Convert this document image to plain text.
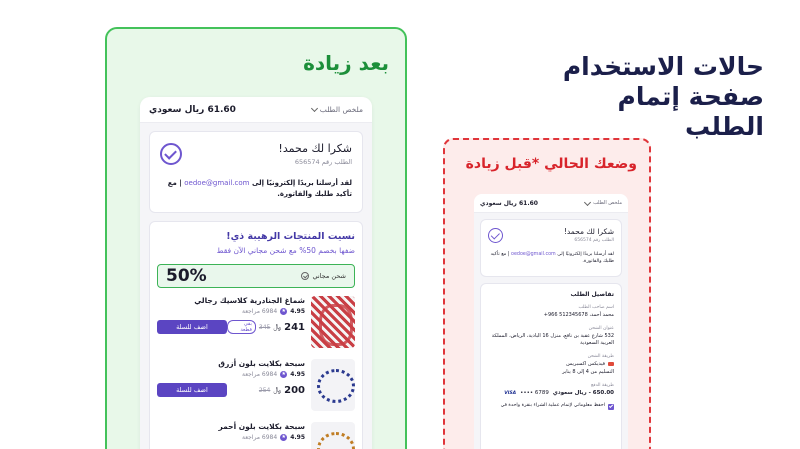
حالات الاستخدام
صفحة إتمام الطلب
بعد زيادة
ملخص الطلب
61.60 ريال سعودي
شكرا لك محمد!
الطلب رقم 656574
لقد أرسلنا بريدًا إلكترونيًا إلى oedoe@gmail.com | مع تأكيد طلبك والفاتورة.
نسيت المنتجات الرهيبة ذي!
ضفها بخصم 50% مع شحن مجاني الآن فقط
شحن مجاني
50%
شماغ الجنادرية كلاسيك رجالي
4.95
★
6984 مراجعة
241
﷼
345
بقي قطعة
اضف للسلة
سبحة بكلايت بلون أزرق
4.95
★
6984 مراجعة
200
﷼
254
اضف للسلة
سبحة بكلايت بلون أحمر
4.95
★
6984 مراجعة
وضعك الحالي *قبل زيادة
ملخص الطلب
61.60 ريال سعودي
شكرا لك محمد!
الطلب رقم 656574
لقد أرسلنا بريدًا إلكترونيًا إلى oedoe@gmail.com | مع تأكيد طلبك والفاتورة.
تفاصيل الطلب
اسم صاحب الطلب
محمد أحمد، 512345678 966+
عنوان الشحن
532 شارع عقبة بن نافع، منزل 16 البادية، الرياض، المملكة العربية السعودية
طريقة الشحن
فيديكس اكسبريس
التسليم من 4 إلى 8 يناير
طريقة الدفع
650.00 - ريال سعودي
•••• 6789
VISA
احفظ معلوماتي لإتمام عملية الشراء بنقرة واحدة في
